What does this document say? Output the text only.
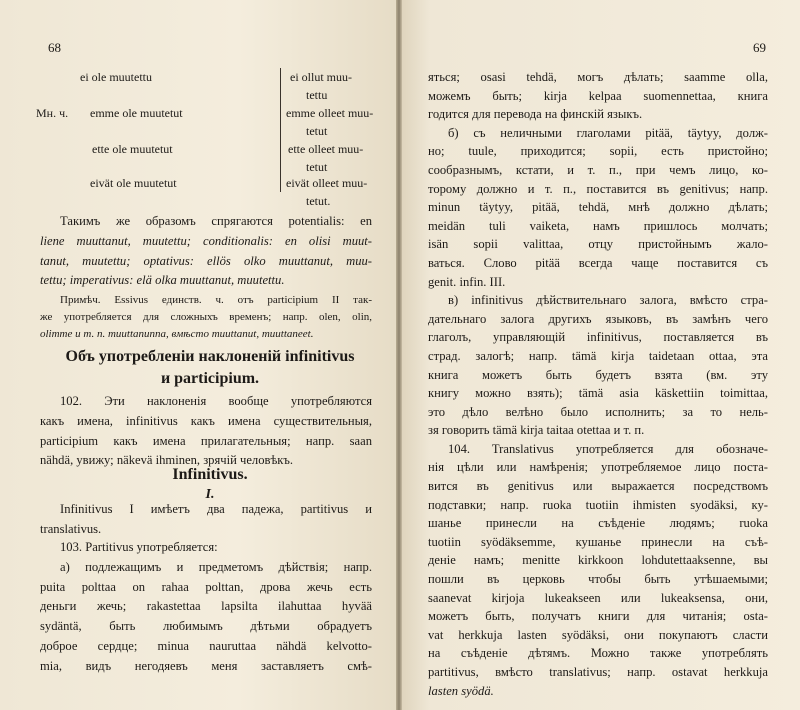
68
ei ole muutettu	ei ollut muu-
tettu
Мн. ч. emme ole muutetut	emme olleet muu-
tetut
ette ole muutetut	ette olleet muu-
tetut
eivät ole muutetut	eivät olleet muu-
tetut.
Такимъ же образомъ спрягаются potentialis: en
liene muuttanut, muutettu; conditionalis: en olisi muut-
tanut, muutettu; optativus: ellös olko muuttanut, muu-
tettu; imperativus: elä olka muuttanut, muutettu.
Примѣч. Essivus единств. ч. отъ participium II так-
же употребляется для сложныхъ временъ; напр. olen, olin,
olimme и т. п. muuttanunna, вмѣсто muuttanut, muuttaneet.
Объ употребленіи наклоненій infinitivus
и participium.
102. Эти наклоненія вообще употребляются
какъ имена, infinitivus какъ имена существительныя,
participium какъ имена прилагательныя; напр. saan
nähdä, увижу; näkevä ihminen, зрячій человѣкъ.
Infinitivus.
I.
Infinitivus I имѣетъ два падежа, partitivus и
translativus.
103. Partitivus употребляется:
а) подлежащимъ и предметомъ дѣйствія; напр.
puita polttaa on rahaa polttan, дрова жечь есть
деньги жечь; rakastettaa lapsilta ilahuttaa hyvää
sydäntä, быть любимымъ дѣтьми обрадуетъ
доброе сердце; minua nauruttaa nähdä kelvotto-
mia, видъ негодяевъ меня заставляетъ смѣ-
69
яться; osasi tehdä, могъ дѣлать; saamme olla,
можемъ быть; kirja kelpaa suomennettaa, книга
годится для перевода на финскій языкъ.
б) съ неличными глаголами pitää, täytyy, долж-
но; tuule, приходится; sopii, есть пристойно;
сообразнымъ, кстати, и т. п., при чемъ лицо, ко-
торому должно и т. п., поставится въ genitivus; напр.
minun täytyy, pitää, tehdä, мнѣ должно дѣлать;
meidän tuli vaiketa, намъ пришлось молчать;
isän sopii valittaa, отцу пристойнымъ жало-
ваться. Слово pitää всегда чаще поставится съ
genit. infin. III.
в) infinitivus дѣйствительнаго залога, вмѣсто стра-
дательнаго залога другихъ языковъ, въ замѣнъ чего
глаголъ, управляющій infinitivus, поставляется въ
страд. залогѣ; напр. tämä kirja taidetaan ottaa, эта
книга можетъ быть будетъ взята (вм. эту
книгу можно взять); tämä asia käskettiin toimittaa,
это дѣло велѣно было исполнить; за то нель-
зя говорить tämä kirja taitaa otettaa и т. п.
104. Translativus употребляется для обозначе-
нія цѣли или намѣренія; употребляемое лицо поста-
вится въ genitivus или выражается посредствомъ
подставки; напр. ruoka tuotiin ihmisten syodäksi, ку-
шанье принесли на съѣденіе людямъ; ruoka
tuotiin syödäksemme, кушанье принесли на съѣ-
деніе намъ; menitte kirkkoon lohdutettaaksenne, вы
пошли въ церковь чтобы быть утѣшаемыми;
saanevat kirjoja lukeakseen или lukeaksensa, они,
можетъ быть, получатъ книги для читанія; osta-
vat herkkuja lasten syödäksi, они покупаютъ сласти
на съѣденіе дѣтямъ. Можно также употреблять
partitivus, вмѣсто translativus; напр. ostavat herkkuja
lasten syödä.
